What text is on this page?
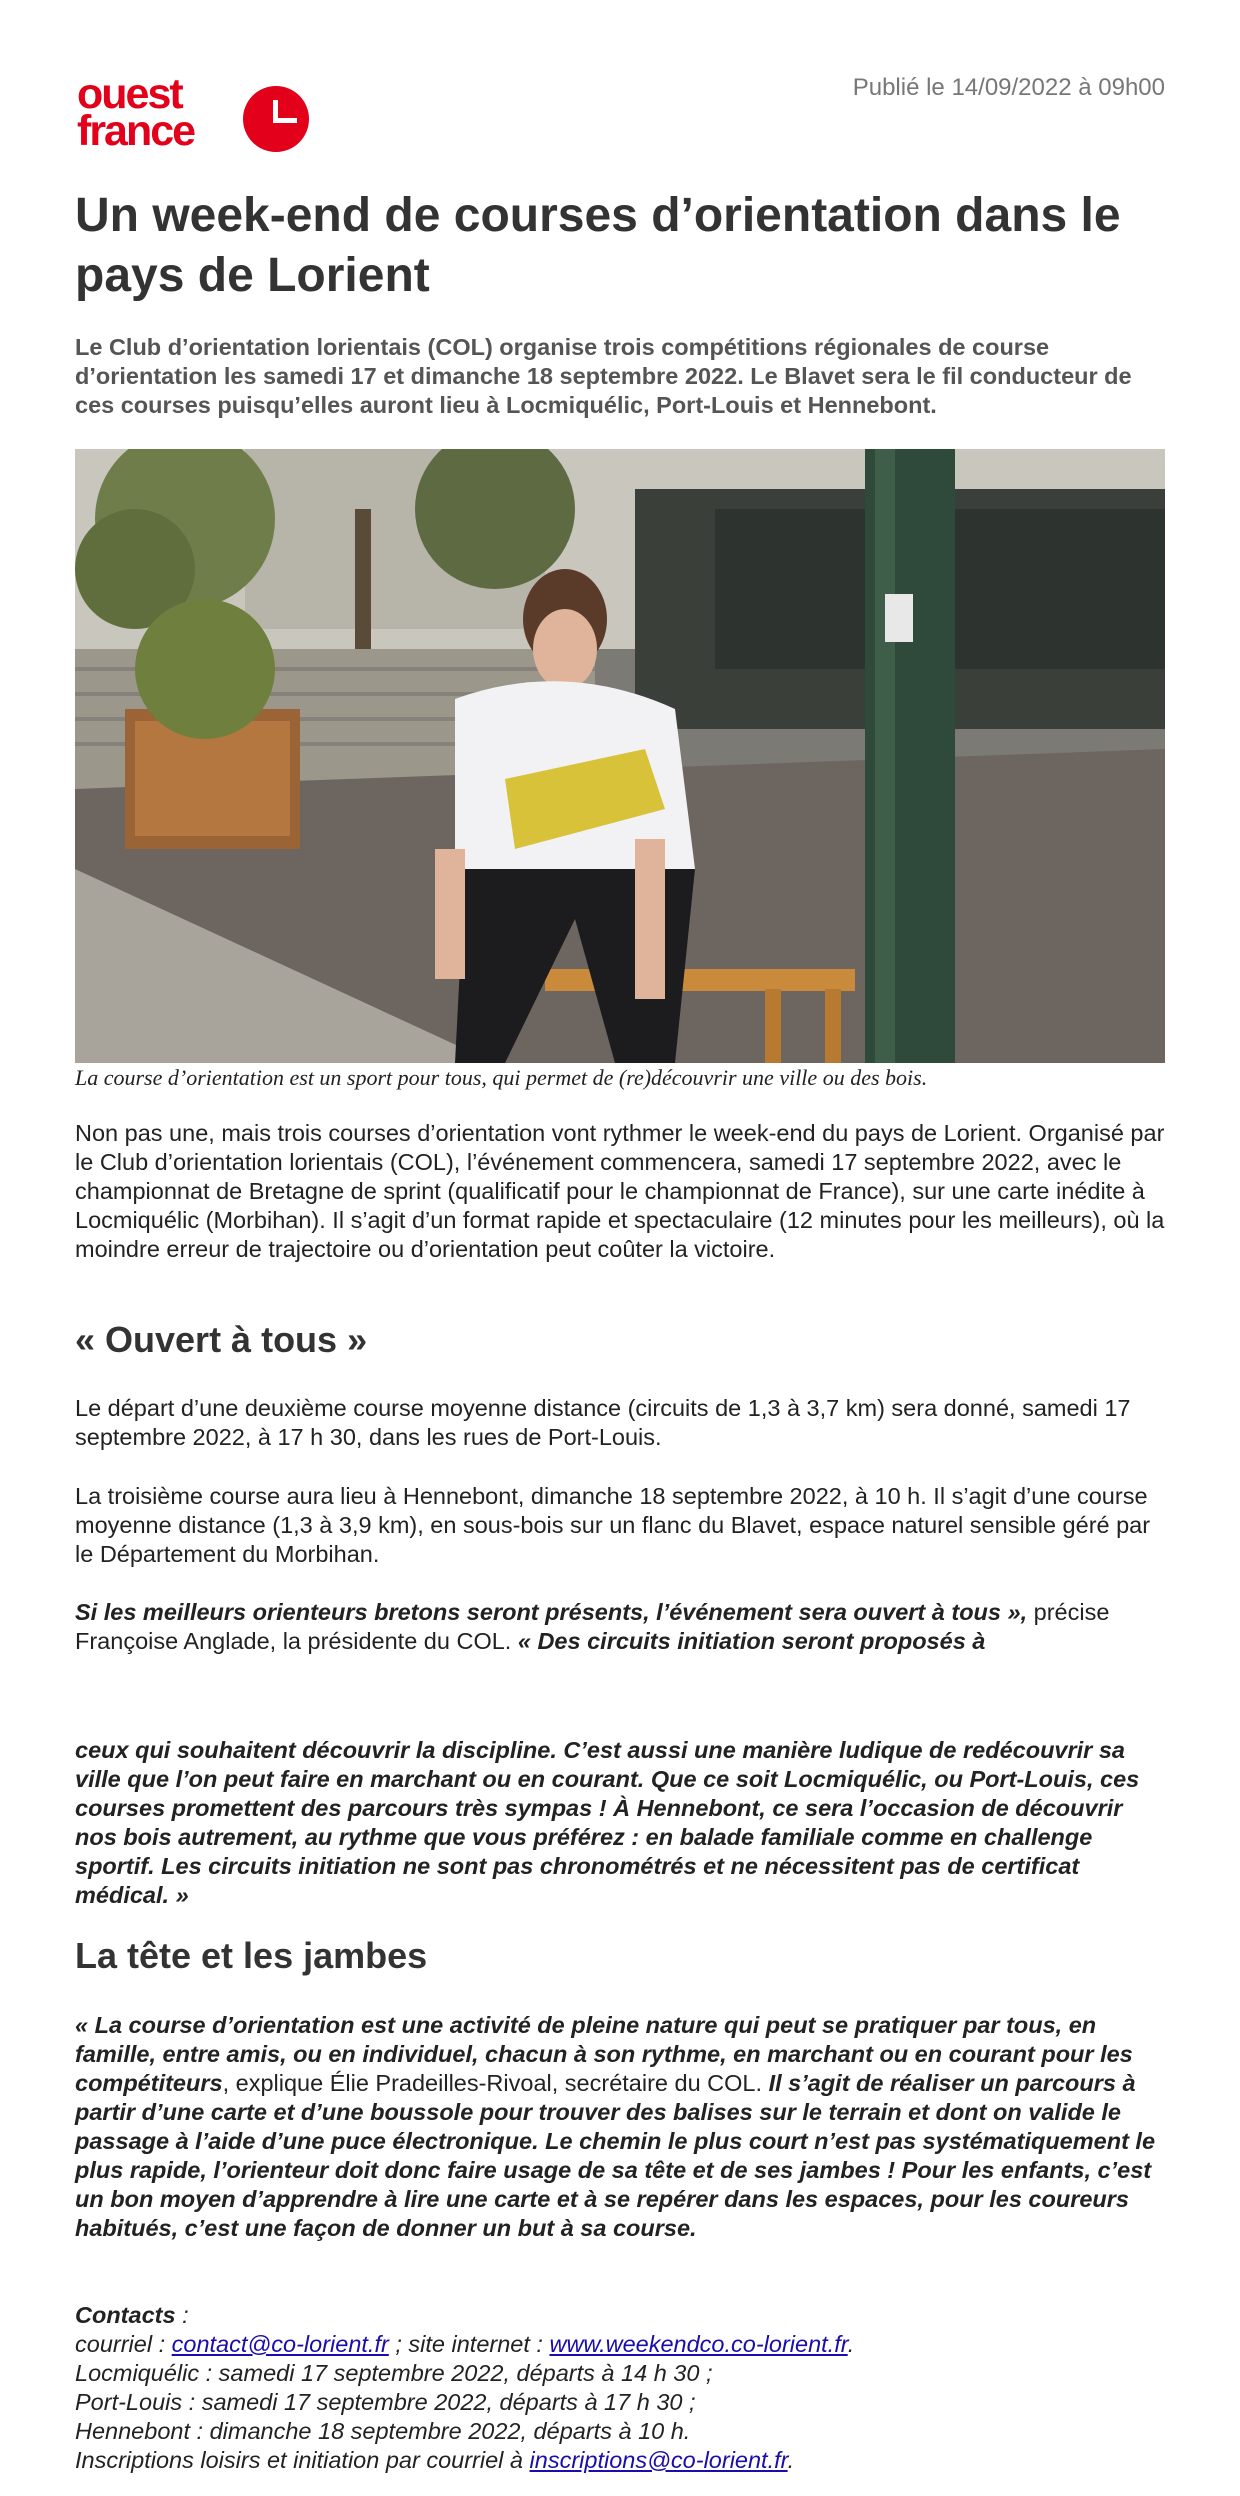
ouest
france
Publié le 14/09/2022 à 09h00
Un week-end de courses d’orientation dans le pays de Lorient
Le Club d’orientation lorientais (COL) organise trois compétitions régionales de course d’orientation les samedi 17 et dimanche 18 septembre 2022. Le Blavet sera le fil conducteur de ces courses puisqu’elles auront lieu à Locmiquélic, Port-Louis et Hennebont.
La course d’orientation est un sport pour tous, qui permet de (re)découvrir une ville ou des bois.
Non pas une, mais trois courses d’orientation vont rythmer le week-end du pays de Lorient. Organisé par le Club d’orientation lorientais (COL), l’événement commencera, samedi 17 septembre 2022, avec le championnat de Bretagne de sprint (qualificatif pour le championnat de France), sur une carte inédite à Locmiquélic (Morbihan). Il s’agit d’un format rapide et spectaculaire (12 minutes pour les meilleurs), où la moindre erreur de trajectoire ou d’orientation peut coûter la victoire.
« Ouvert à tous »
Le départ d’une deuxième course moyenne distance (circuits de 1,3 à 3,7 km) sera donné, samedi 17 septembre 2022, à 17 h 30, dans les rues de Port-Louis.
La troisième course aura lieu à Hennebont, dimanche 18 septembre 2022, à 10 h. Il s’agit d’une course moyenne distance (1,3 à 3,9 km), en sous-bois sur un flanc du Blavet, espace naturel sensible géré par le Département du Morbihan.
Si les meilleurs orienteurs bretons seront présents, l’événement sera ouvert à tous », précise Françoise Anglade, la présidente du COL. « Des circuits initiation seront proposés à
ceux qui souhaitent découvrir la discipline. C’est aussi une manière ludique de redécouvrir sa ville que l’on peut faire en marchant ou en courant. Que ce soit Locmiquélic, ou Port-Louis, ces courses promettent des parcours très sympas ! À Hennebont, ce sera l’occasion de découvrir nos bois autrement, au rythme que vous préférez : en balade familiale comme en challenge sportif. Les circuits initiation ne sont pas chronométrés et ne nécessitent pas de certificat médical. »
La tête et les jambes
« La course d’orientation est une activité de pleine nature qui peut se pratiquer par tous, en famille, entre amis, ou en individuel, chacun à son rythme, en marchant ou en courant pour les compétiteurs, explique Élie Pradeilles-Rivoal, secrétaire du COL. Il s’agit de réaliser un parcours à partir d’une carte et d’une boussole pour trouver des balises sur le terrain et dont on valide le passage à l’aide d’une puce électronique. Le chemin le plus court n’est pas systématiquement le plus rapide, l’orienteur doit donc faire usage de sa tête et de ses jambes ! Pour les enfants, c’est un bon moyen d’apprendre à lire une carte et à se repérer dans les espaces, pour les coureurs habitués, c’est une façon de donner un but à sa course.
Contacts :
courriel : contact@co-lorient.fr ; site internet : www.weekendco.co-lorient.fr.
Locmiquélic : samedi 17 septembre 2022, départs à 14 h 30 ;
Port-Louis : samedi 17 septembre 2022, départs à 17 h 30 ;
Hennebont : dimanche 18 septembre 2022, départs à 10 h.
Inscriptions loisirs et initiation par courriel à inscriptions@co-lorient.fr.
